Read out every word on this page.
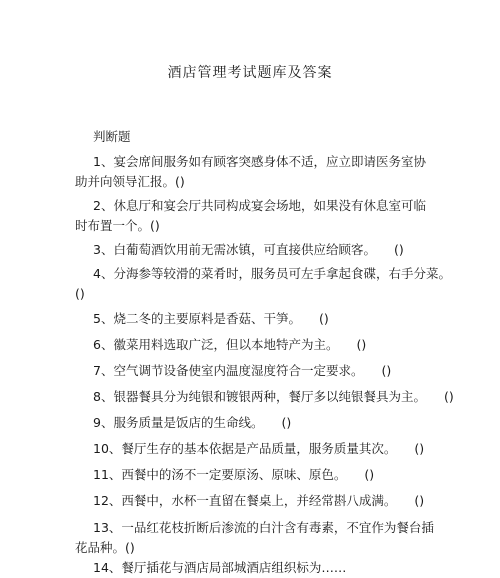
酒店管理考试题库及答案
判断题
1、宴会席间服务如有顾客突感身体不适，应立即请医务室协
助并向领导汇报。()
2、休息厅和宴会厅共同构成宴会场地，如果没有休息室可临
时布置一个。()
3、白葡萄酒饮用前无需冰镇，可直接供应给顾客。 ()
4、分海参等较滑的菜肴时，服务员可左手拿起食碟，右手分菜。
()
5、烧二冬的主要原料是香菇、干笋。 ()
6、徽菜用料选取广泛，但以本地特产为主。 ()
7、空气调节设备使室内温度湿度符合一定要求。 ()
8、银器餐具分为纯银和镀银两种，餐厅多以纯银餐具为主。 ()
9、服务质量是饭店的生命线。 ()
10、餐厅生存的基本依据是产品质量，服务质量其次。 ()
11、西餐中的汤不一定要原汤、原味、原色。 ()
12、西餐中，水杯一直留在餐桌上，并经常斟八成满。 ()
13、一品红花枝折断后渗流的白汁含有毒素，不宜作为餐台插
花品种。()
14、餐厅插花与酒店局部城酒店组织标为……
